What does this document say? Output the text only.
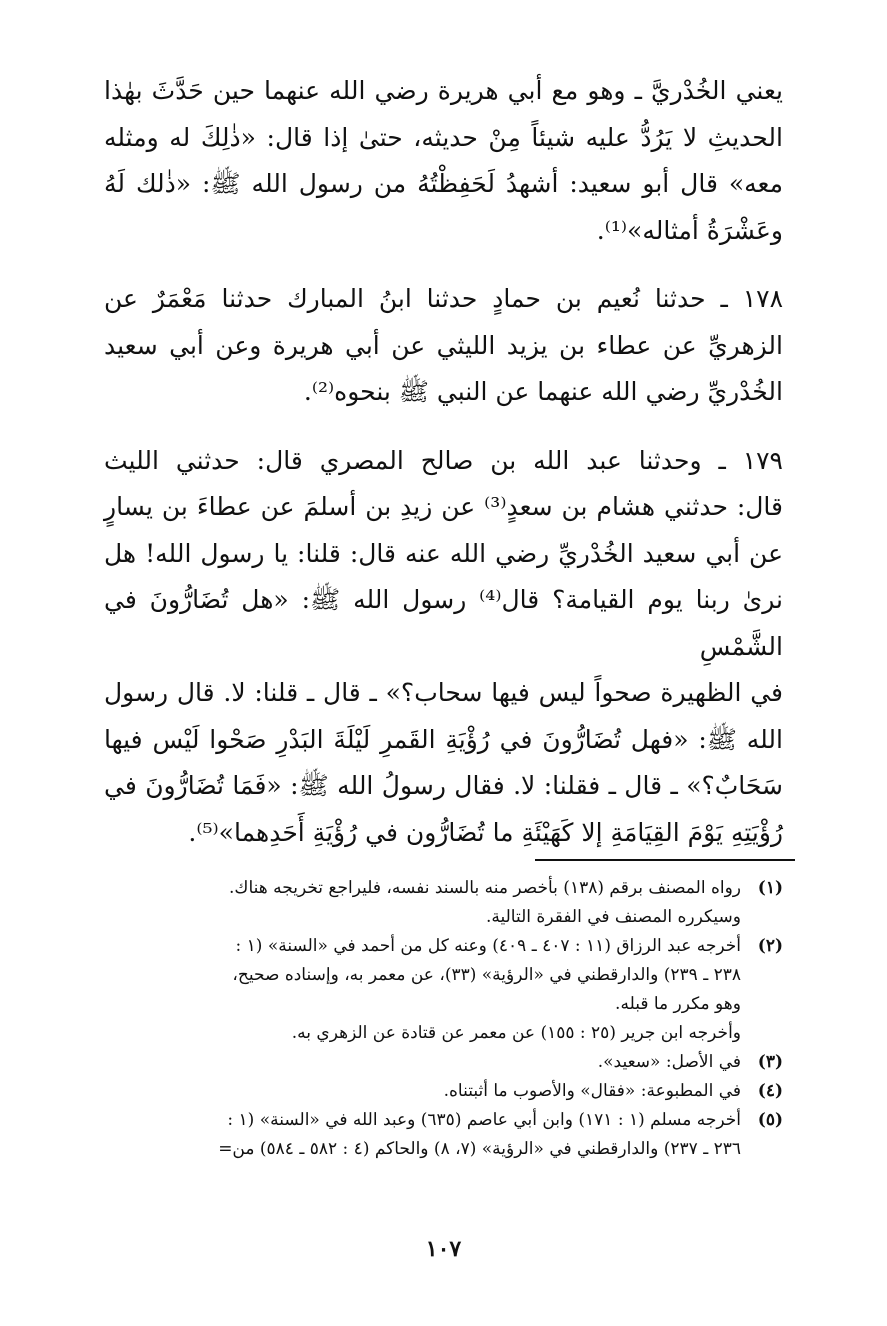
يعني الخُدْريَّ ـ وهو مع أبي هريرة رضي الله عنهما حين حَدَّثَ بهٰذا
الحديثِ لا يَرُدُّ عليه شيئاً مِنْ حديثه، حتىٰ إذا قال: «ذٰلِكَ له ومثله
معه» قال أبو سعيد: أشهدُ لَحَفِظْتُهُ من رسول الله ﷺ: «ذٰلك لَهُ
وعَشْرَةُ أمثاله»⁽¹⁾.

١٧٨ ـ حدثنا نُعيم بن حمادٍ حدثنا ابنُ المبارك حدثنا مَعْمَرٌ عن
الزهريِّ عن عطاء بن يزيد الليثي عن أبي هريرة وعن أبي سعيد
الخُدْريِّ رضي الله عنهما عن النبي ﷺ بنحوه⁽²⁾.

١٧٩ ـ وحدثنا عبد الله بن صالح المصري قال: حدثني الليث
قال: حدثني هشام بن سعدٍ⁽³⁾ عن زيدِ بن أسلمَ عن عطاءَ بن يسارٍ
عن أبي سعيد الخُدْريِّ رضي الله عنه قال: قلنا: يا رسول الله! هل
نرىٰ ربنا يوم القيامة؟ قال⁽⁴⁾ رسول الله ﷺ: «هل تُضَارُّونَ في الشَّمْسِ
في الظهيرة صحواً ليس فيها سحاب؟» ـ قال ـ قلنا: لا. قال رسول
الله ﷺ: «فهل تُضَارُّونَ في رُؤْيَةِ القَمرِ لَيْلَةَ البَدْرِ صَحْوا لَيْس فيها
سَحَابٌ؟» ـ قال ـ فقلنا: لا. فقال رسولُ الله ﷺ: «فَمَا تُضَارُّونَ في
رُؤْيَتِهِ يَوْمَ القِيَامَةِ إلا كَهَيْئَةِ ما تُضَارُّون في رُؤْيَةِ أَحَدِهما»⁽⁵⁾.

(١)
رواه المصنف برقم (١٣٨) بأخصر منه بالسند نفسه، فليراجع تخريجه هناك.
وسيكرره المصنف في الفقرة التالية.
(٢)
أخرجه عبد الرزاق (١١ : ٤٠٧ ـ ٤٠٩) وعنه كل من أحمد في «السنة» (١ :
٢٣٨ ـ ٢٣٩) والدارقطني في «الرؤية» (٣٣)، عن معمر به، وإسناده صحيح،
وهو مكرر ما قبله.
وأخرجه ابن جرير (٢٥ : ١٥٥) عن معمر عن قتادة عن الزهري به.
(٣)
في الأصل: «سعيد».
(٤)
في المطبوعة: «فقال» والأصوب ما أثبتناه.
(٥)
أخرجه مسلم (١ : ١٧١) وابن أبي عاصم (٦٣٥) وعبد الله في «السنة» (١ :
٢٣٦ ـ ٢٣٧) والدارقطني في «الرؤية» (٧، ٨) والحاكم (٤ : ٥٨٢ ـ ٥٨٤) من=
١٠٧
